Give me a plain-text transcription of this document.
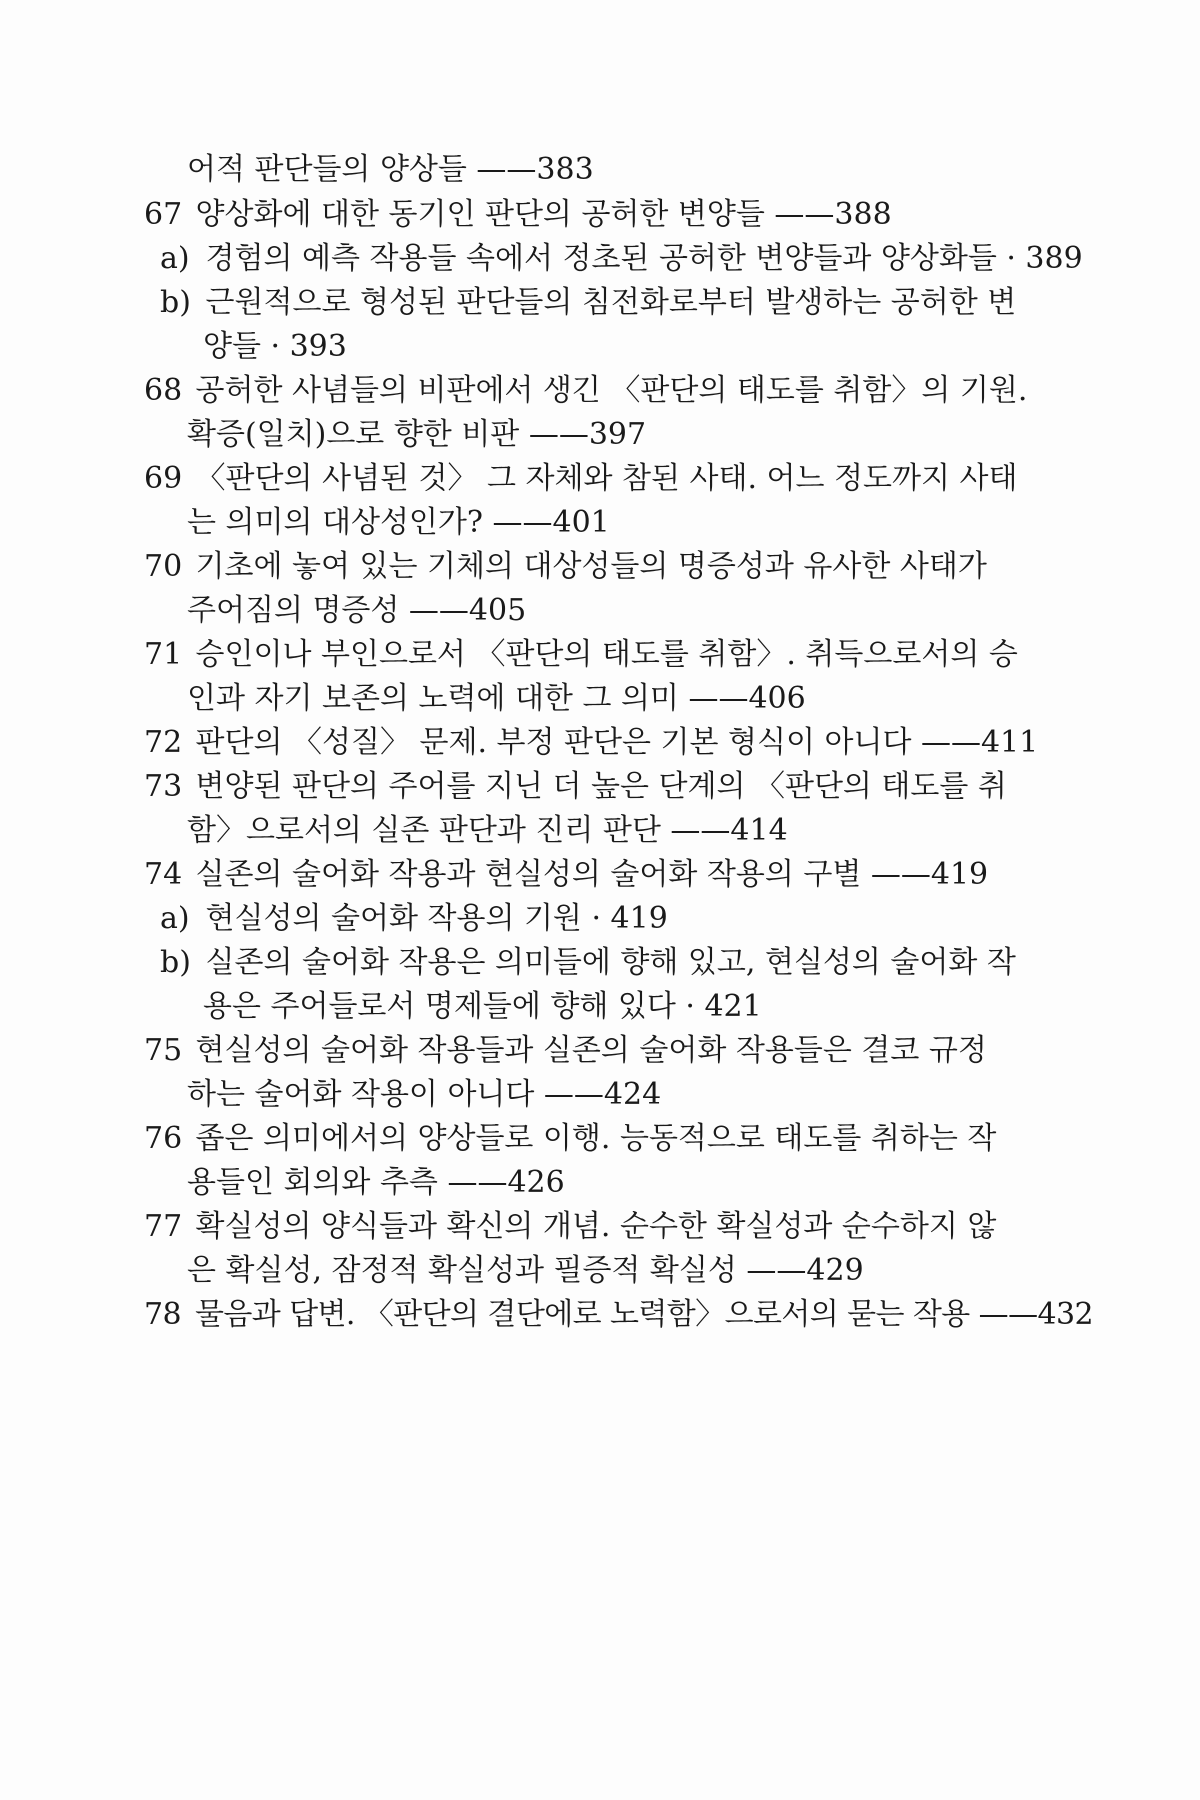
어적 판단들의 양상들 ——383
67 양상화에 대한 동기인 판단의 공허한 변양들 ——388
a) 경험의 예측 작용들 속에서 정초된 공허한 변양들과 양상화들 · 389
b) 근원적으로 형성된 판단들의 침전화로부터 발생하는 공허한 변
양들 · 393
68 공허한 사념들의 비판에서 생긴 〈판단의 태도를 취함〉의 기원.
확증(일치)으로 향한 비판 ——397
69 〈판단의 사념된 것〉 그 자체와 참된 사태. 어느 정도까지 사태
는 의미의 대상성인가? ——401
70 기초에 놓여 있는 기체의 대상성들의 명증성과 유사한 사태가
주어짐의 명증성 ——405
71 승인이나 부인으로서 〈판단의 태도를 취함〉. 취득으로서의 승
인과 자기 보존의 노력에 대한 그 의미 ——406
72 판단의 〈성질〉 문제. 부정 판단은 기본 형식이 아니다 ——411
73 변양된 판단의 주어를 지닌 더 높은 단계의 〈판단의 태도를 취
함〉으로서의 실존 판단과 진리 판단 ——414
74 실존의 술어화 작용과 현실성의 술어화 작용의 구별 ——419
a) 현실성의 술어화 작용의 기원 · 419
b) 실존의 술어화 작용은 의미들에 향해 있고, 현실성의 술어화 작
용은 주어들로서 명제들에 향해 있다 · 421
75 현실성의 술어화 작용들과 실존의 술어화 작용들은 결코 규정
하는 술어화 작용이 아니다 ——424
76 좁은 의미에서의 양상들로 이행. 능동적으로 태도를 취하는 작
용들인 회의와 추측 ——426
77 확실성의 양식들과 확신의 개념. 순수한 확실성과 순수하지 않
은 확실성, 잠정적 확실성과 필증적 확실성 ——429
78 물음과 답변. 〈판단의 결단에로 노력함〉으로서의 묻는 작용 ——432
